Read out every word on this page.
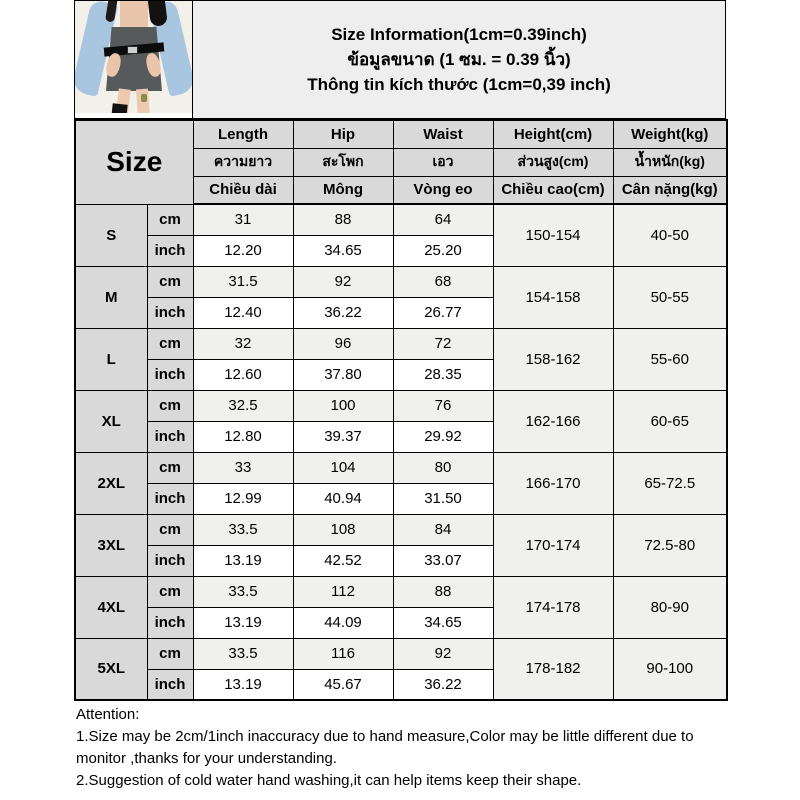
Size Information(1cm=0.39inch)
ข้อมูลขนาด (1 ซม. = 0.39 นิ้ว)
Thông tin kích thước (1cm=0,39 inch)
Size		Length	Hip	Waist	Height(cm)	Weight(kg)
		ความยาว	สะโพก	เอว	ส่วนสูง(cm)	น้ำหนัก(kg)
		Chiều dài	Mông	Vòng eo	Chiều cao(cm)	Cân nặng(kg)
S	cm	31	88	64	150-154	40-50
	inch	12.20	34.65	25.20		
M	cm	31.5	92	68	154-158	50-55
	inch	12.40	36.22	26.77		
L	cm	32	96	72	158-162	55-60
	inch	12.60	37.80	28.35		
XL	cm	32.5	100	76	162-166	60-65
	inch	12.80	39.37	29.92		
2XL	cm	33	104	80	166-170	65-72.5
	inch	12.99	40.94	31.50		
3XL	cm	33.5	108	84	170-174	72.5-80
	inch	13.19	42.52	33.07		
4XL	cm	33.5	112	88	174-178	80-90
	inch	13.19	44.09	34.65		
5XL	cm	33.5	116	92	178-182	90-100
	inch	13.19	45.67	36.22		
Attention:
1.Size may be 2cm/1inch inaccuracy due to hand measure,Color may be little different due to monitor ,thanks for your understanding.
2.Suggestion of cold water hand washing,it can help items keep their shape.
